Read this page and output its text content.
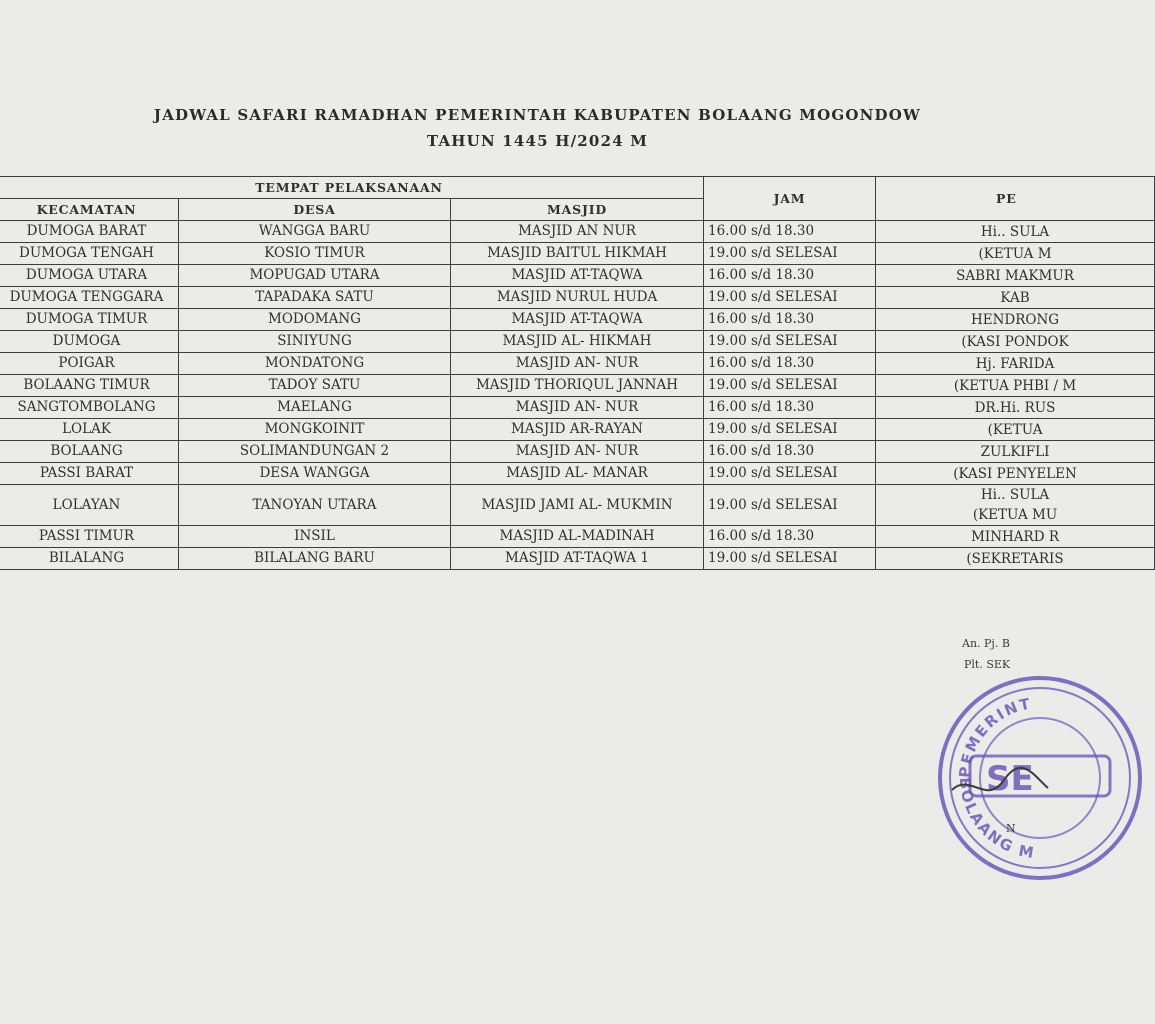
JADWAL SAFARI RAMADHAN PEMERINTAH KABUPATEN BOLAANG MOGONDOW
TAHUN 1445 H/2024 M
TEMPAT PELAKSANAAN			JAM	PE
KECAMATAN	DESA	MASJID		
DUMOGA BARAT	WANGGA BARU	MASJID AN NUR	16.00 s/d 18.30	Hi.. SULA

DUMOGA TENGAH	KOSIO TIMUR	MASJID BAITUL HIKMAH	19.00 s/d SELESAI	(KETUA M

DUMOGA UTARA	MOPUGAD UTARA	MASJID AT-TAQWA	16.00 s/d 18.30	SABRI MAKMUR

DUMOGA TENGGARA	TAPADAKA SATU	MASJID NURUL HUDA	19.00 s/d SELESAI	KAB

DUMOGA TIMUR	MODOMANG	MASJID AT-TAQWA	16.00 s/d 18.30	HENDRONG

DUMOGA	SINIYUNG	MASJID AL- HIKMAH	19.00 s/d SELESAI	(KASI PONDOK

POIGAR	MONDATONG	MASJID AN- NUR	16.00 s/d 18.30	Hj. FARIDA

BOLAANG TIMUR	TADOY SATU	MASJID THORIQUL JANNAH	19.00 s/d SELESAI	(KETUA PHBI / M

SANGTOMBOLANG	MAELANG	MASJID AN- NUR	16.00 s/d 18.30	DR.Hi. RUS

LOLAK	MONGKOINIT	MASJID AR-RAYAN	19.00 s/d SELESAI	(KETUA

BOLAANG	SOLIMANDUNGAN 2	MASJID AN- NUR	16.00 s/d 18.30	ZULKIFLI

PASSI BARAT	DESA WANGGA	MASJID AL- MANAR	19.00 s/d SELESAI	(KASI PENYELEN

LOLAYAN	TANOYAN UTARA	MASJID JAMI AL- MUKMIN	19.00 s/d SELESAI	Hi.. SULA
(KETUA MU

PASSI TIMUR	INSIL	MASJID AL-MADINAH	16.00 s/d 18.30	MINHARD R

BILALANG	BILALANG BARU	MASJID AT-TAQWA 1	19.00 s/d SELESAI	(SEKRETARIS
An. Pj. B
Plt. SEK
PEMERINT
BOLAANG M
SE
N
